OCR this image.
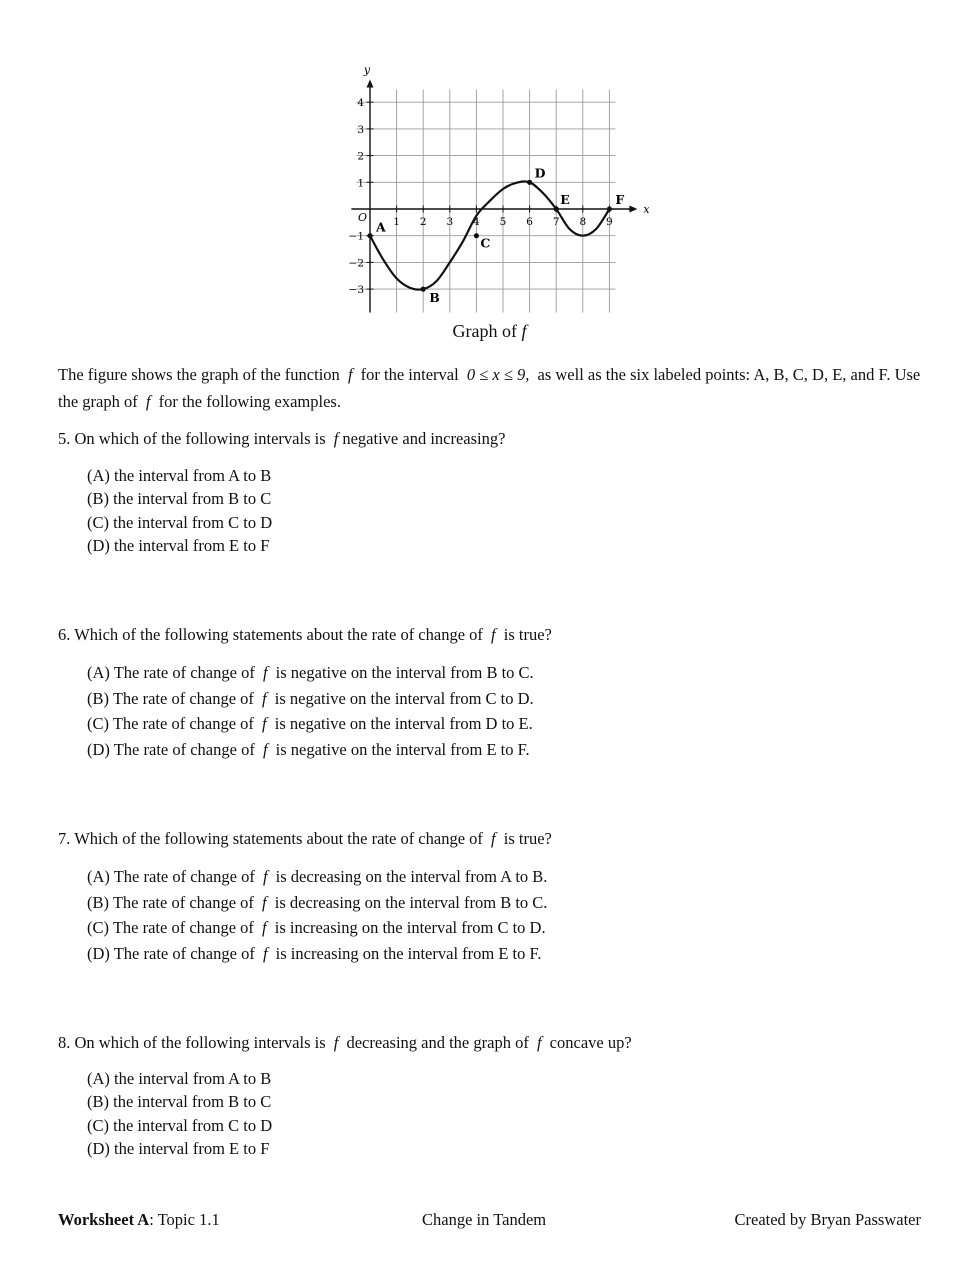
x
y
O 1 2 3 4 5 6 7 8 9
−3
−2
−1
1
2
3
4
A
B
C
D
E	F
Graph of f
The figure shows the graph of the function f for the interval 0 ≤ x ≤ 9, as well as the six labeled points: A, B, C, D, E, and F. Use the graph of f for the following examples.
5. On which of the following intervals is f negative and increasing?
(A) the interval from A to B
(B) the interval from B to C
(C) the interval from C to D
(D) the interval from E to F
6. Which of the following statements about the rate of change of f is true?
(A) The rate of change of f is negative on the interval from B to C.
(B) The rate of change of f is negative on the interval from C to D.
(C) The rate of change of f is negative on the interval from D to E.
(D) The rate of change of f is negative on the interval from E to F.
7. Which of the following statements about the rate of change of f is true?
(A) The rate of change of f is decreasing on the interval from A to B.
(B) The rate of change of f is decreasing on the interval from B to C.
(C) The rate of change of f is increasing on the interval from C to D.
(D) The rate of change of f is increasing on the interval from E to F.
8. On which of the following intervals is f decreasing and the graph of f concave up?
(A) the interval from A to B
(B) the interval from B to C
(C) the interval from C to D
(D) the interval from E to F
Worksheet A: Topic 1.1	Change in Tandem	Created by Bryan Passwater
